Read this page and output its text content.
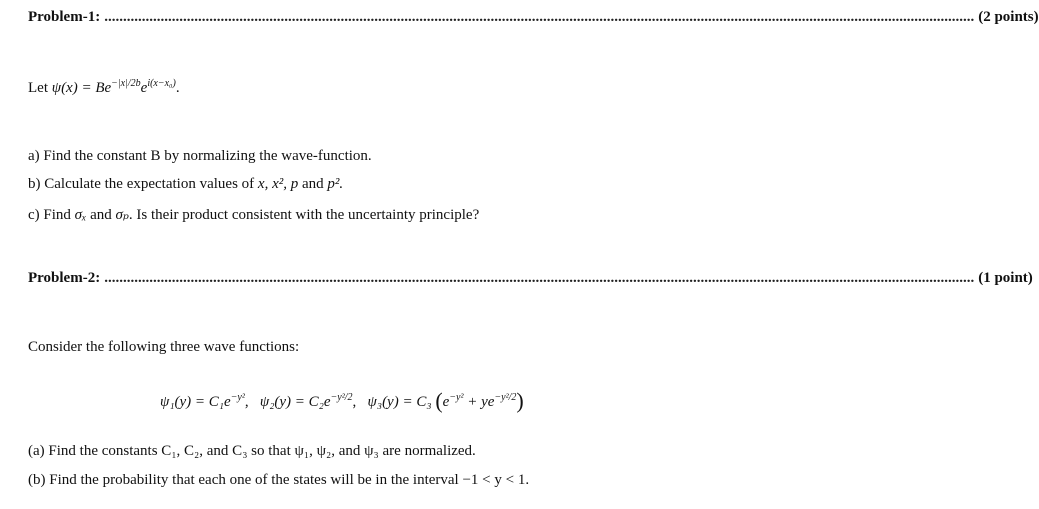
Problem-1: ........................................................................................................................................................................................................................................ (2 points)
Let $\psi(x) = Be^{-|x|/2b}e^{i(x-x_0)}$.
a) Find the constant B by normalizing the wave-function.
b) Calculate the expectation values of x, x², p and p².
c) Find σₓ and σₚ. Is their product consistent with the uncertainty principle?
Problem-2: ........................................................................................................................................................................................................................................ (1 point)
Consider the following three wave functions:
$\psi_1(y) = C_1e^{-y^2}$,   $\psi_2(y) = C_2e^{-y^2/2}$,   ψ₃(y) = C₃ $(e^{-y^2} + ye^{-y^2/2})$
(a) Find the constants C₁, C₂, and C₃ so that ψ₁, ψ₂, and ψ₃ are normalized.
(b) Find the probability that each one of the states will be in the interval −1 < y < 1.
